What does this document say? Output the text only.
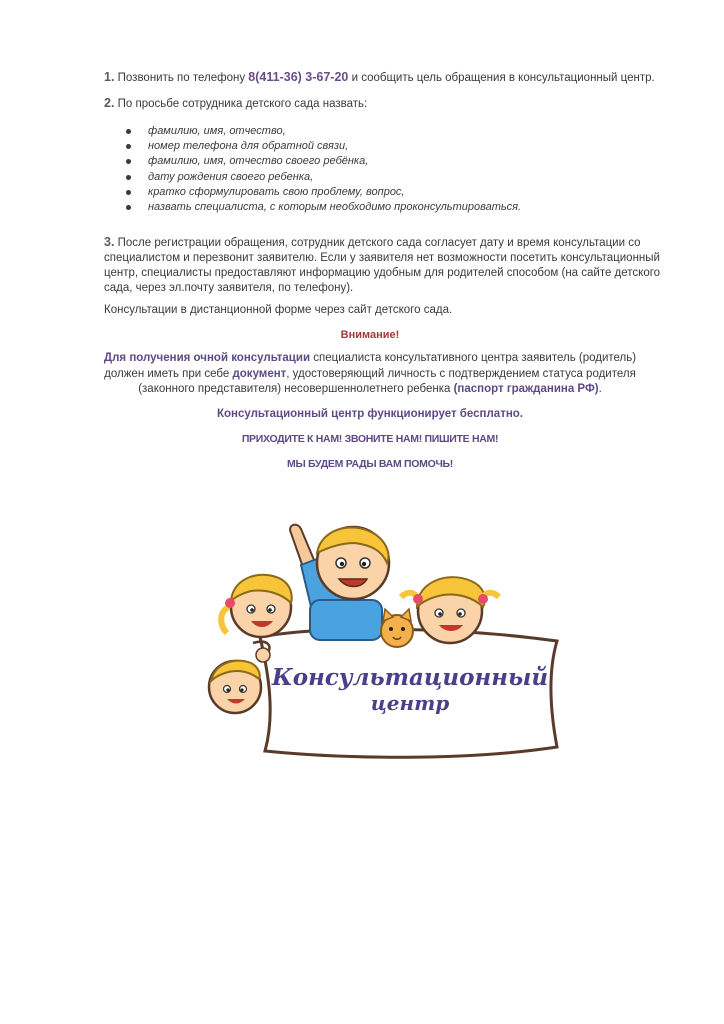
1. Позвонить по телефону 8(411-36) 3-67-20 и сообщить цель обращения в консультационный центр.
2. По просьбе сотрудника детского сада назвать:
фамилию, имя, отчество,
номер телефона для обратной связи,
фамилию, имя, отчество своего ребёнка,
дату рождения своего ребенка,
кратко сформулировать свою проблему, вопрос,
назвать специалиста, с которым необходимо проконсультироваться.
3. После регистрации обращения, сотрудник детского сада согласует дату и время консультации со специалистом и перезвонит заявителю. Если у заявителя нет возможности посетить консультационный центр, специалисты предоставляют информацию удобным для родителей способом (на сайте детского сада, через эл.почту заявителя, по телефону).
Консультации в дистанционной форме через сайт детского сада.
Внимание!
Для получения очной консультации специалиста консультативного центра заявитель (родитель) должен иметь при себе документ, удостоверяющий личность с подтверждением статуса родителя (законного представителя) несовершеннолетнего ребенка (паспорт гражданина РФ).
Консультационный центр функционирует бесплатно.
ПРИХОДИТЕ К НАМ! ЗВОНИТЕ НАМ! ПИШИТЕ НАМ!
МЫ БУДЕМ РАДЫ ВАМ ПОМОЧЬ!
Консультационный
центр
